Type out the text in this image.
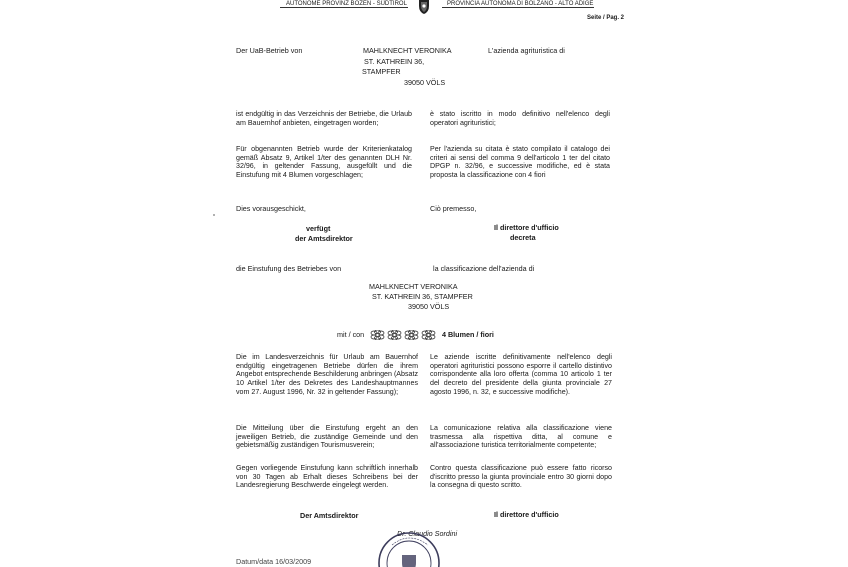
AUTONOME PROVINZ BOZEN - SÜDTIROL	PROVINCIA AUTONOMA DI BOLZANO - ALTO ADIGE
Seite / Pag. 2
Der UaB-Betrieb von	MAHLKNECHT VERONIKA	L'azienda agrituristica di
ST. KATHREIN 36,
STAMPFER
39050 VÖLS
ist endgültig in das Verzeichnis der Betriebe, die Urlaub am Bauernhof anbieten, eingetragen worden;
è stato iscritto in modo definitivo nell'elenco degli operatori agrituristici;
Für obgenannten Betrieb wurde der Kriterienkatalog gemäß Absatz 9, Artikel 1/ter des genannten DLH Nr. 32/96, in geltender Fassung, ausgefüllt und die Einstufung mit 4 Blumen vorgeschlagen;
Per l'azienda su citata è stato compilato il catalogo dei criteri ai sensi del comma 9 dell'articolo 1 ter del citato DPGP n. 32/96, e successive modifiche, ed è stata proposta la classificazione con 4 fiori
Dies vorausgeschickt,	Ciò premesso,
verfügt
der Amtsdirektor
Il direttore d'ufficio
decreta
die Einstufung des Betriebes von	la classificazione dell'azienda di
MAHLKNECHT VERONIKA
ST. KATHREIN 36, STAMPFER
39050 VÖLS
mit / con	4 Blumen / fiori
Die im Landesverzeichnis für Urlaub am Bauernhof endgültig eingetragenen Betriebe dürfen die ihrem Angebot entsprechende Beschilderung anbringen (Absatz 10 Artikel 1/ter des Dekretes des Landeshauptmannes vom 27. August 1996, Nr. 32 in geltender Fassung);
Le aziende iscritte definitivamente nell'elenco degli operatori agrituristici possono esporre il cartello distintivo corrispondente alla loro offerta (comma 10 articolo 1 ter del decreto del presidente della giunta provinciale 27 agosto 1996, n. 32, e successive modifiche).
Die Mitteilung über die Einstufung ergeht an den jeweiligen Betrieb, die zuständige Gemeinde und den gebietsmäßig zuständigen Tourismusverein;
La comunicazione relativa alla classificazione viene trasmessa alla rispettiva ditta, al comune e all'associazione turistica territorialmente competente;
Gegen vorliegende Einstufung kann schriftlich innerhalb von 30 Tagen ab Erhalt dieses Schreibens bei der Landesregierung Beschwerde eingelegt werden.
Contro questa classificazione può essere fatto ricorso d'iscritto presso la giunta provinciale entro 30 giorni dopo la consegna di questo scritto.
Der Amtsdirektor	Il direttore d'ufficio
Dr. Claudio Sordini
Datum/data 16/03/2009
